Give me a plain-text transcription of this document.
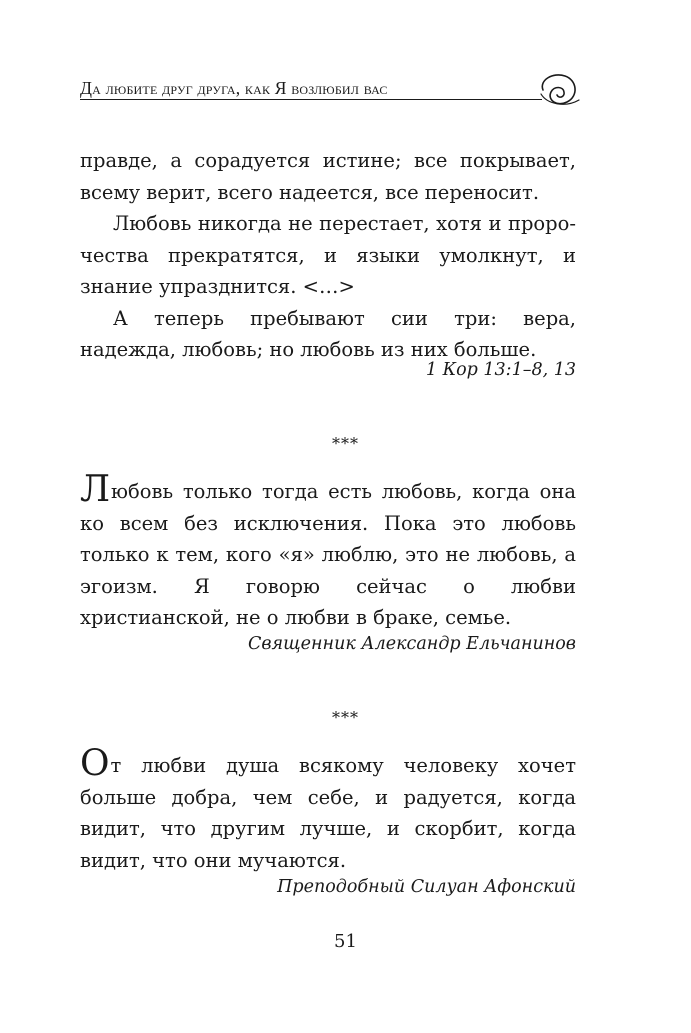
Да любите друг друга, как Я возлюбил вас

правде, а сорадуется истине; все покрывает, всему верит, всего надеется, все переносит.

Любовь никогда не перестает, хотя и пророчества прекратятся, и языки умолкнут, и знание упразднится. <…>

А теперь пребывают сии три: вера, надежда, любовь; но любовь из них больше.

1 Кор 13:1–8, 13
***

Любовь только тогда есть любовь, когда она ко всем без исключения. Пока это любовь только к тем, кого «я» люблю, это не любовь, а эгоизм. Я говорю сейчас о любви христианской, не о любви в браке, семье.

Священник Александр Ельчанинов
***

От любви душа всякому человеку хочет больше добра, чем себе, и радуется, когда видит, что другим лучше, и скорбит, когда видит, что они мучаются.

Преподобный Силуан Афонский
51
